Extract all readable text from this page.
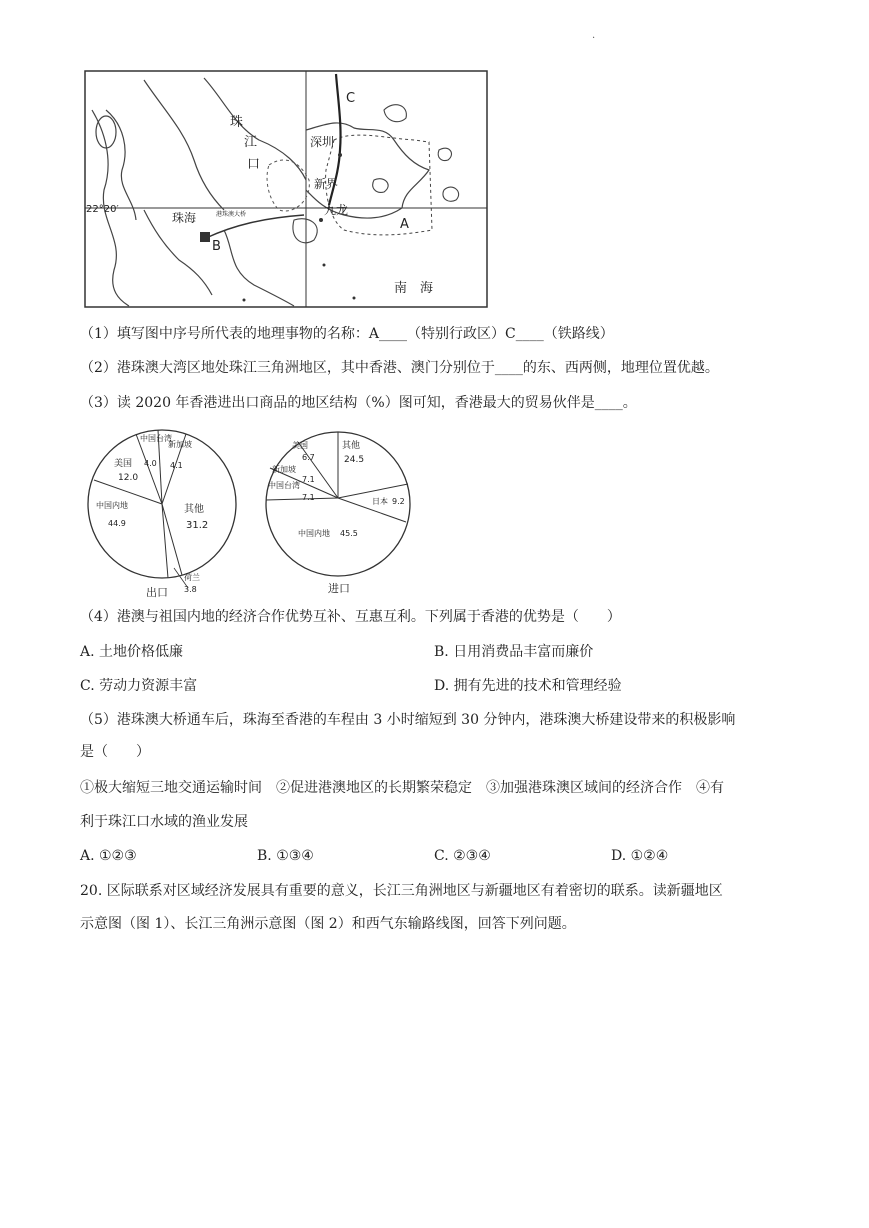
.
珠
江
口
C
深圳
新界
九龙
A
B
珠海	港珠澳大桥
22°20′
南　海
（1）填写图中序号所代表的地理事物的名称：A____（特别行政区）C____（铁路线）
（2）港珠澳大湾区地处珠江三角洲地区，其中香港、澳门分别位于____的东、西两侧，地理位置优越。
（3）读 2020 年香港进出口商品的地区结构（%）图可知，香港最大的贸易伙伴是____。
中国台湾
4.0
新加坡
4.1
美国
12.0
中国内地
44.9
其他
31.2
荷兰
3.8
出口
美国
6.7
新加坡
7.1
中国台湾
7.1
其他
24.5
日本 9.2
中国内地 45.5
进口
（4）港澳与祖国内地的经济合作优势互补、互惠互利。下列属于香港的优势是（　　）
A. 土地价格低廉	B. 日用消费品丰富而廉价
C. 劳动力资源丰富	D. 拥有先进的技术和管理经验
（5）港珠澳大桥通车后，珠海至香港的车程由 3 小时缩短到 30 分钟内，港珠澳大桥建设带来的积极影响
是（　　）
①极大缩短三地交通运输时间　②促进港澳地区的长期繁荣稳定　③加强港珠澳区域间的经济合作　④有
利于珠江口水域的渔业发展
A. ①②③	B. ①③④	C. ②③④	D. ①②④
20. 区际联系对区域经济发展具有重要的意义，长江三角洲地区与新疆地区有着密切的联系。读新疆地区
示意图（图 1）、长江三角洲示意图（图 2）和西气东输路线图，回答下列问题。
